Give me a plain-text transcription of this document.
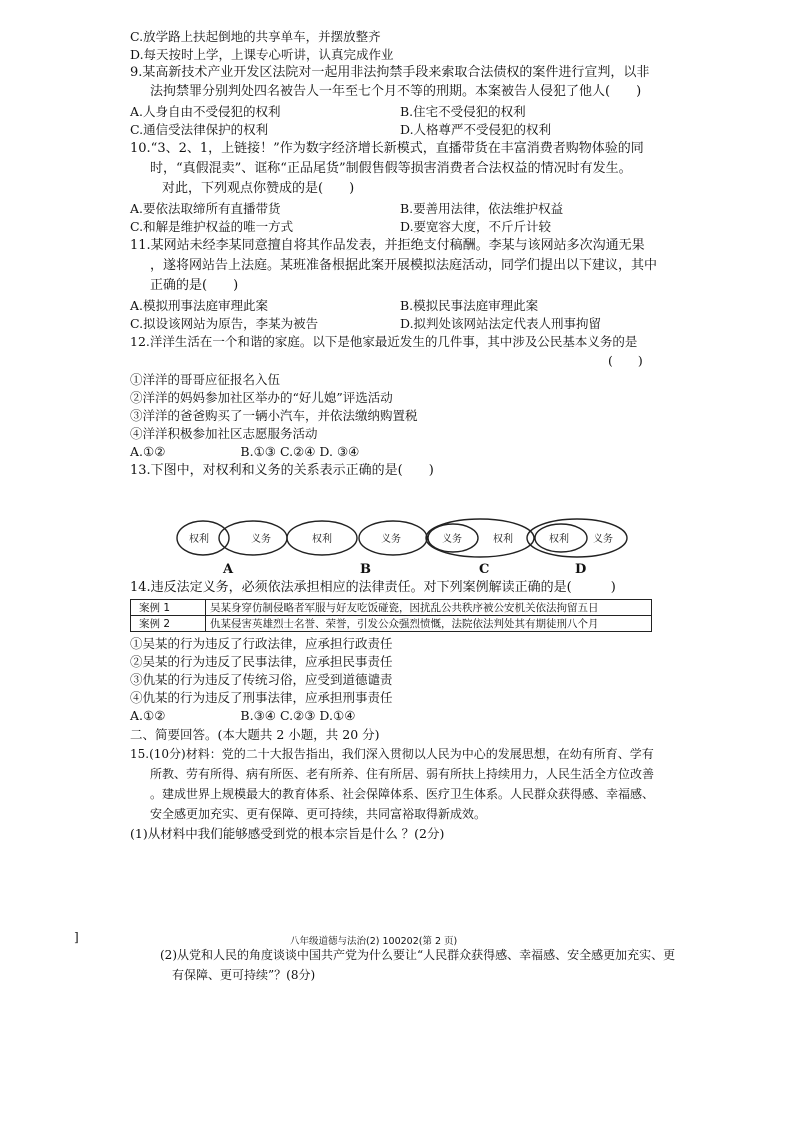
C.放学路上扶起倒地的共享单车，并摆放整齐
D.每天按时上学，上课专心听讲，认真完成作业
9.某高新技术产业开发区法院对一起用非法拘禁手段来索取合法债权的案件进行宣判，以非
法拘禁罪分别判处四名被告人一年至七个月不等的刑期。本案被告人侵犯了他人(　　)
A.人身自由不受侵犯的权利	B.住宅不受侵犯的权利
C.通信受法律保护的权利	D.人格尊严不受侵犯的权利
10.“3、2、1，上链接！”作为数字经济增长新模式，直播带货在丰富消费者购物体验的同
时，“真假混卖”、诓称“正品尾货”制假售假等损害消费者合法权益的情况时有发生。
对此，下列观点你赞成的是(　　)
A.要依法取缔所有直播带货	B.要善用法律，依法维护权益
C.和解是维护权益的唯一方式	D.要宽容大度，不斤斤计较
11.某网站未经李某同意擅自将其作品发表，并拒绝支付稿酬。李某与该网站多次沟通无果
，遂将网站告上法庭。某班准备根据此案开展模拟法庭活动，同学们提出以下建议，其中
正确的是(　　)
A.模拟刑事法庭审理此案	B.模拟民事法庭审理此案
C.拟设该网站为原告，李某为被告	D.拟判处该网站法定代表人刑事拘留
12.洋洋生活在一个和谐的家庭。以下是他家最近发生的几件事，其中涉及公民基本义务的是
(　　)
①洋洋的哥哥应征报名入伍
②洋洋的妈妈参加社区举办的“好儿媳”评选活动
③洋洋的爸爸购买了一辆小汽车，并依法缴纳购置税
④洋洋积极参加社区志愿服务活动
A.①②　　　　　　B.①③ C.②④ D. ③④
13.下图中，对权利和义务的关系表示正确的是(　　)
权利	义务	权利	义务	义务	权利	权利 义务
A	B	C	D
14.违反法定义务，必须依法承担相应的法律责任。对下列案例解读正确的是(　　　)
案例 1	吴某身穿仿制侵略者军服与好友吃饭碰瓷，因扰乱公共秩序被公安机关依法拘留五日
案例 2	仇某侵害英雄烈士名誉、荣誉，引发公众强烈愤慨，法院依法判处其有期徒刑八个月
①吴某的行为违反了行政法律，应承担行政责任
②吴某的行为违反了民事法律，应承担民事责任
③仇某的行为违反了传统习俗，应受到道德谴责
④仇某的行为违反了刑事法律，应承担刑事责任
A.①②　　　　　　B.③④ C.②③ D.①④
二、简要回答。(本大题共 2 小题，共 20 分)
15.(10分)材料：党的二十大报告指出，我们深入贯彻以人民为中心的发展思想，在幼有所育、学有
所教、劳有所得、病有所医、老有所养、住有所居、弱有所扶上持续用力，人民生活全方位改善
。建成世界上规模最大的教育体系、社会保障体系、医疗卫生体系。人民群众获得感、幸福感、
安全感更加充实、更有保障、更可持续，共同富裕取得新成效。
(1)从材料中我们能够感受到党的根本宗旨是什么 ？(2分)
]	八年级道德与法治(2) 100202(第 2 页)
(2)从党和人民的角度谈谈中国共产党为什么要让“人民群众获得感、幸福感、安全感更加充实、更
有保障、更可持续”？(8分)
